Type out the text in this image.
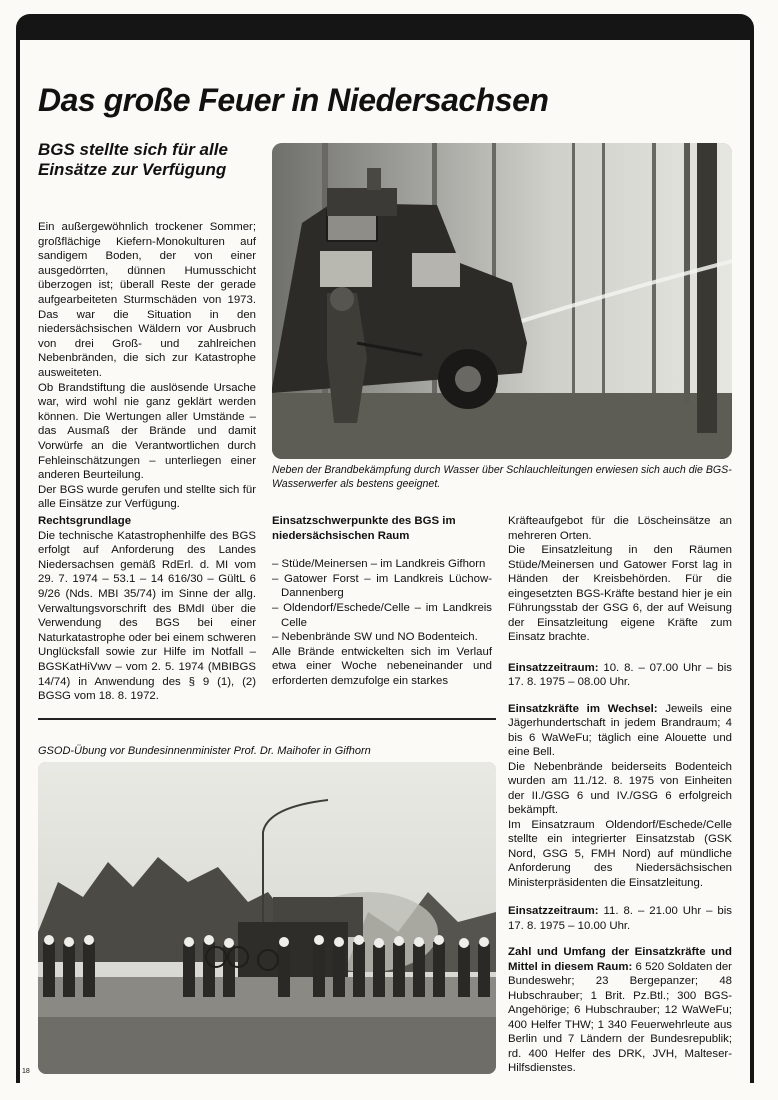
Das große Feuer in Niedersachsen
BGS stellte sich für alle Einsätze zur Verfügung

Ein außergewöhnlich trockener Sommer; großflächige Kiefern-Monokulturen auf sandigem Boden, der von einer ausgedörrten, dünnen Humusschicht überzogen ist; überall Reste der gerade aufgearbeiteten Sturmschäden von 1973. Das war die Situation in den niedersächsischen Wäldern vor Ausbruch von drei Groß- und zahlreichen Nebenbränden, die sich zur Katastrophe ausweiteten.

Ob Brandstiftung die auslösende Ursache war, wird wohl nie ganz geklärt werden können. Die Wertungen aller Umstände – das Ausmaß der Brände und damit Vorwürfe an die Verantwortlichen durch Fehleinschätzungen – unterliegen einer anderen Beurteilung.

Der BGS wurde gerufen und stellte sich für alle Einsätze zur Verfügung.

Neben der Brandbekämpfung durch Wasser über Schlauchleitungen erwiesen sich auch die BGS-Wasserwerfer als bestens geeignet.

Rechtsgrundlage

Die technische Katastrophenhilfe des BGS erfolgt auf Anforderung des Landes Niedersachsen gemäß RdErl. d. MI vom 29. 7. 1974 – 53.1 – 14 616/30 – GültL 6 9/26 (Nds. MBI 35/74) im Sinne der allg. Verwaltungsvorschrift des BMdI über die Verwendung des BGS bei einer Naturkatastrophe oder bei einem schweren Unglücksfall sowie zur Hilfe im Notfall – BGSKatHiVwv – vom 2. 5. 1974 (MBIBGS 14/74) in Anwendung des § 9 (1), (2) BGSG vom 18. 8. 1972.

Einsatzschwerpunkte des BGS im niedersächsischen Raum

– Stüde/Meinersen – im Landkreis Gifhorn
– Gatower Forst – im Landkreis Lüchow-Dannenberg
– Oldendorf/Eschede/Celle – im Landkreis Celle
– Nebenbrände SW und NO Bodenteich.

Alle Brände entwickelten sich im Verlauf etwa einer Woche nebeneinander und erforderten demzufolge ein starkes

Kräfteaufgebot für die Löscheinsätze an mehreren Orten.

Die Einsatzleitung in den Räumen Stüde/Meinersen und Gatower Forst lag in Händen der Kreisbehörden. Für die eingesetzten BGS-Kräfte bestand hier je ein Führungsstab der GSG 6, der auf Weisung der Einsatzleitung eigene Kräfte zum Einsatz brachte.

Einsatzzeitraum: 10. 8. – 07.00 Uhr – bis 17. 8. 1975 – 08.00 Uhr.

Einsatzkräfte im Wechsel: Jeweils eine Jägerhundertschaft in jedem Brandraum; 4 bis 6 WaWeFu; täglich eine Alouette und eine Bell.

Die Nebenbrände beiderseits Bodenteich wurden am 11./12. 8. 1975 von Einheiten der II./GSG 6 und IV./GSG 6 erfolgreich bekämpft.

Im Einsatzraum Oldendorf/Eschede/Celle stellte ein integrierter Einsatzstab (GSK Nord, GSG 5, FMH Nord) auf mündliche Anforderung des Niedersächsischen Ministerpräsidenten die Einsatzleitung.

Einsatzzeitraum: 11. 8. – 21.00 Uhr – bis 17. 8. 1975 – 10.00 Uhr.

Zahl und Umfang der Einsatzkräfte und Mittel in diesem Raum: 6 520 Soldaten der Bundeswehr; 23 Bergepanzer; 48 Hubschrauber; 1 Brit. Pz.Btl.; 300 BGS-Angehörige; 6 Hubschrauber; 12 WaWeFu; 400 Helfer THW; 1 340 Feuerwehrleute aus Berlin und 7 Ländern der Bundesrepublik; rd. 400 Helfer des DRK, JVH, Malteser-Hilfsdienstes.

GSOD-Übung vor Bundesinnenminister Prof. Dr. Maihofer in Gifhorn
18
